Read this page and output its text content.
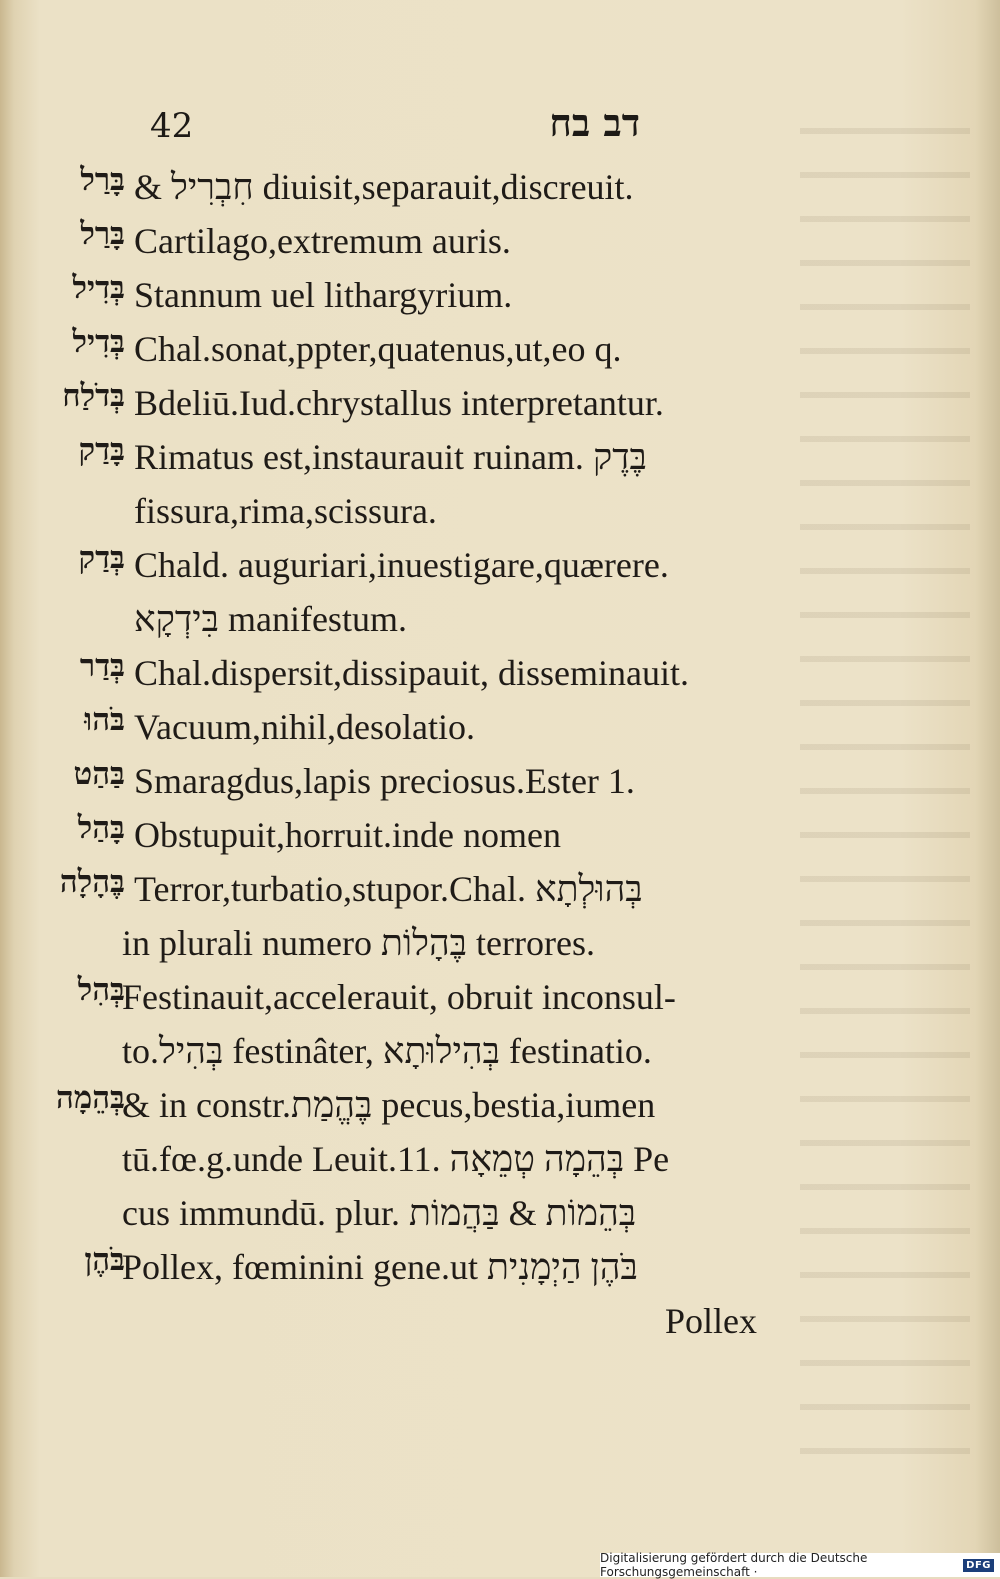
42	דב בח
בָּרַל & חִבְרִיל diuisit,separauit,discreuit.
בָּרַל Cartilago,extremum auris.
בְּדִיל Stannum uel lithargyrium.
בְּדִיל Chal.sonat,ppter,quatenus,ut,eo q.
בְּדֹלַח Bdeliū.Iud.chrystallus interpretantur.
בָּדַק Rimatus est,instaurauit ruinam. בֶּדֶק
fissura,rima,scissura.
בְּדַק Chald. auguriari,inuestigare,quærere.
בִּידְקָא manifestum.
בְּדַר Chal.dispersit,dissipauit, disseminauit.
בֹּהוּ Vacuum,nihil,desolatio.
בַּהַט Smaragdus,lapis preciosus.Ester 1.
בָּהַל Obstupuit,horruit.inde nomen
בֶּהָלָה Terror,turbatio,stupor.Chal. בְּהוּלְתָא
in plurali numero בֶּהָלוֹת terrores.
בְּהִל
Festinauit,accelerauit, obruit inconsul-
to.בְּהִיל festinâter, בְּהִילוּתָא festinatio.
בְּהֵמָה
& in constr.בֶּהֱמַת pecus,bestia,iumen
tū.fœ.g.unde Leuit.11. בְּהֵמָה טְמֵאָה Pe
cus immundū. plur. בְּהֵמוֹת & בַּהֲמוֹת
בֹּהֶן
Pollex, fœminini gene.ut בֹּהֶן הַיְמָנִית
Pollex
Digitalisierung gefördert durch die Deutsche Forschungsgemeinschaft ·	DFG
